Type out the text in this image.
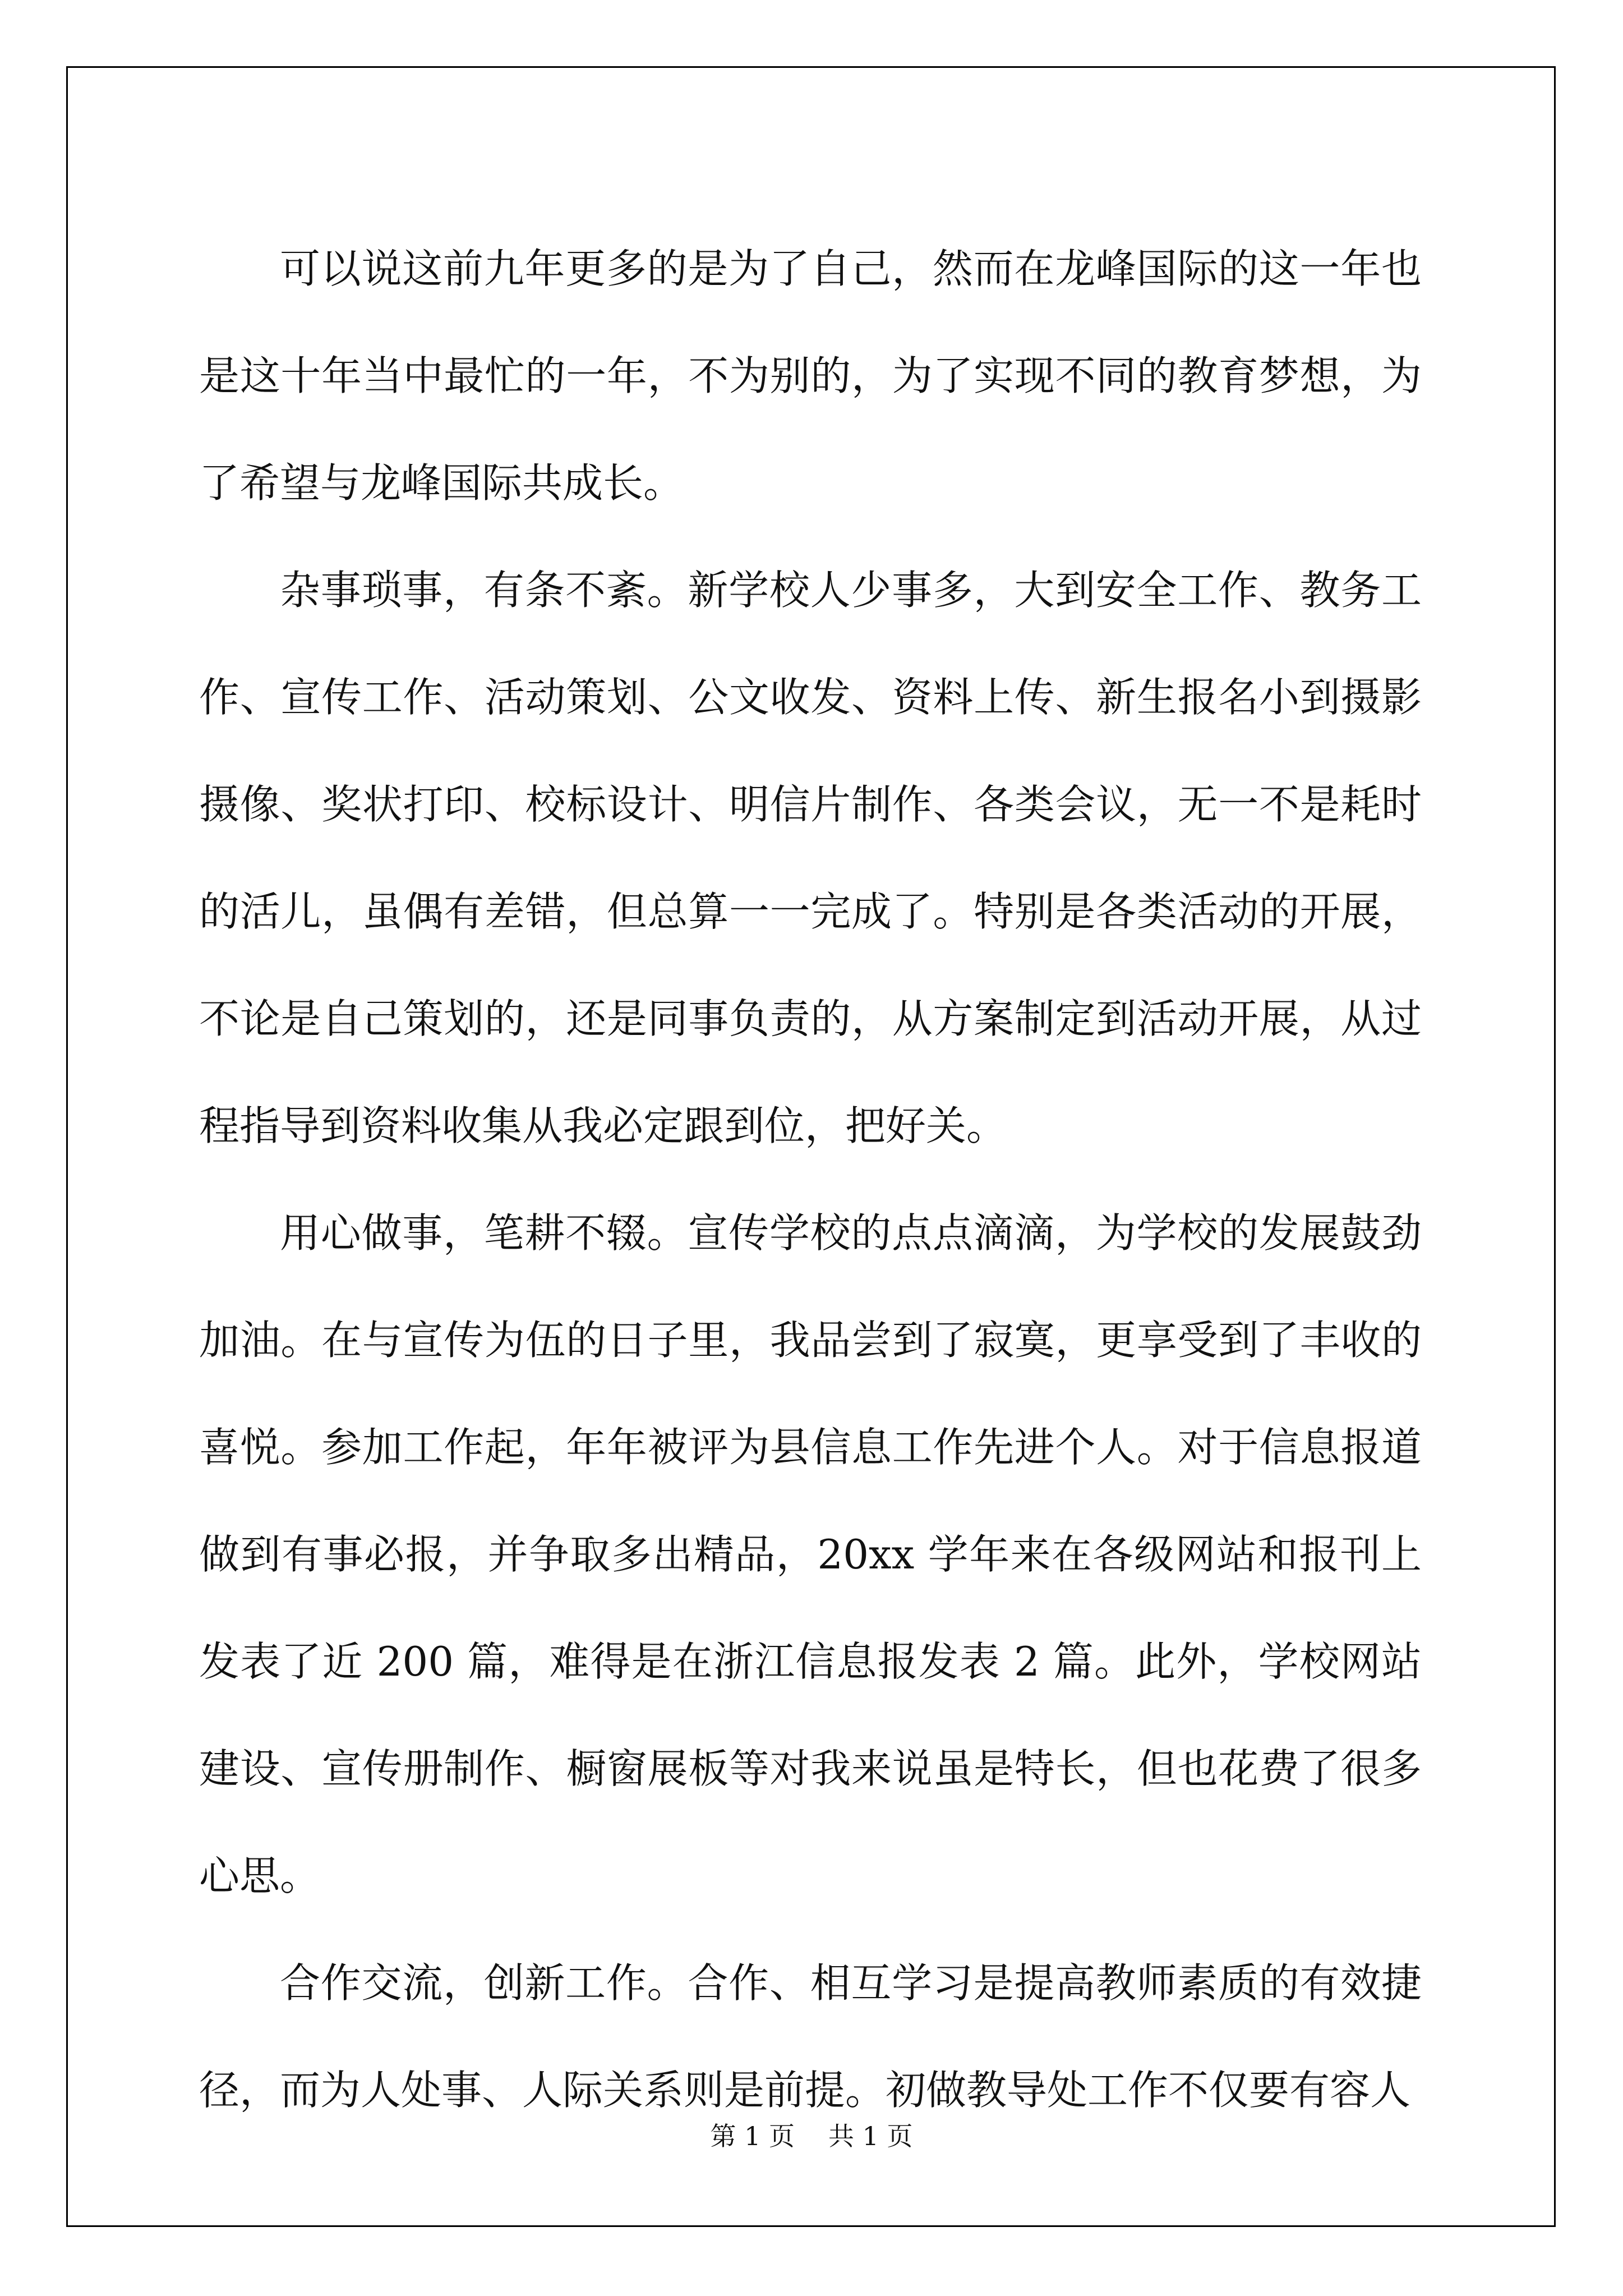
可以说这前九年更多的是为了自己，然而在龙峰国际的这一年也是这十年当中最忙的一年，不为别的，为了实现不同的教育梦想，为了希望与龙峰国际共成长。

杂事琐事，有条不紊。新学校人少事多，大到安全工作、教务工作、宣传工作、活动策划、公文收发、资料上传、新生报名小到摄影摄像、奖状打印、校标设计、明信片制作、各类会议，无一不是耗时的活儿，虽偶有差错，但总算一一完成了。特别是各类活动的开展，不论是自己策划的，还是同事负责的，从方案制定到活动开展，从过程指导到资料收集从我必定跟到位，把好关。

用心做事，笔耕不辍。宣传学校的点点滴滴，为学校的发展鼓劲加油。在与宣传为伍的日子里，我品尝到了寂寞，更享受到了丰收的喜悦。参加工作起，年年被评为县信息工作先进个人。对于信息报道做到有事必报，并争取多出精品，20xx 学年来在各级网站和报刊上发表了近 200 篇，难得是在浙江信息报发表 2 篇。此外，学校网站建设、宣传册制作、橱窗展板等对我来说虽是特长，但也花费了很多心思。

合作交流，创新工作。合作、相互学习是提高教师素质的有效捷径，而为人处事、人际关系则是前提。初做教导处工作不仅要有容人

第 1 页 共 1 页
